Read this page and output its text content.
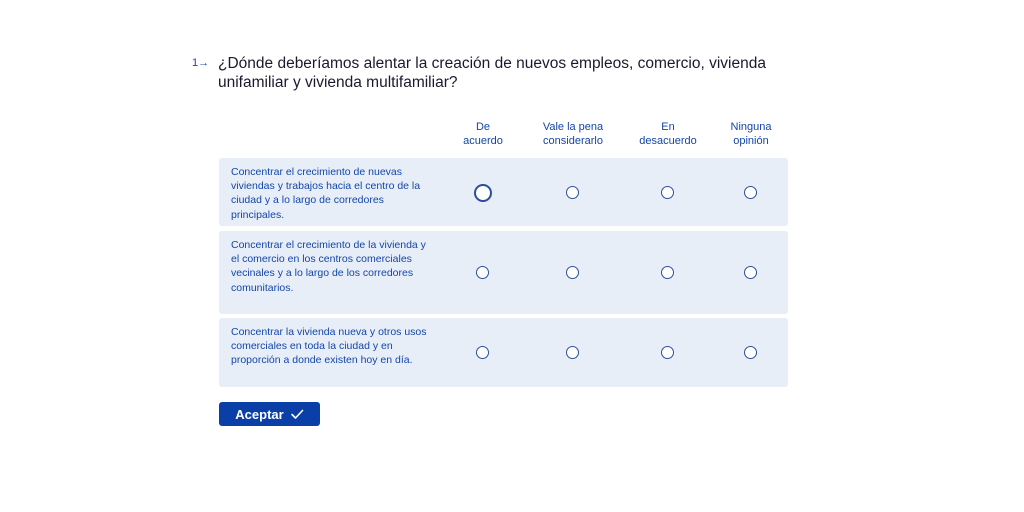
1→ ¿Dónde deberíamos alentar la creación de nuevos empleos, comercio, vivienda unifamiliar y vivienda multifamiliar?
De
acuerdo
Vale la pena
considerarlo
En
desacuerdo
Ninguna
opinión
Concentrar el crecimiento de nuevas viviendas y trabajos hacia el centro de la ciudad y a lo largo de corredores principales.
Concentrar el crecimiento de la vivienda y el comercio en los centros comerciales vecinales y a lo largo de los corredores comunitarios.
Concentrar la vivienda nueva y otros usos comerciales en toda la ciudad y en proporción a donde existen hoy en día.
Aceptar
